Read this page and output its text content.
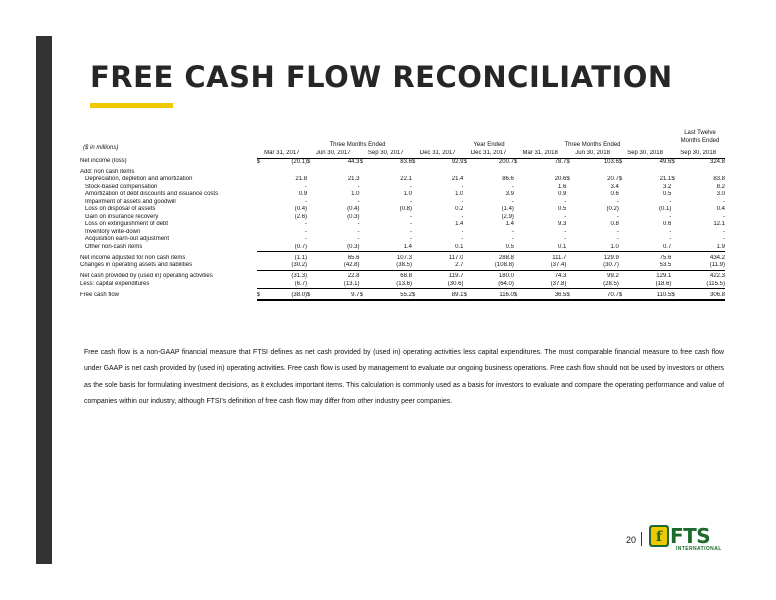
FREE CASH FLOW RECONCILIATION
($ in millions)
Last Twelve
Months Ended
Three Months Ended	Year Ended	Three Months Ended
	Mar 31, 2017		Jun 30, 2017		Sep 30, 2017		Dec 31, 2017		Dec 31, 2017		Mar 31, 2018		Jun 30, 2018		Sep 30, 2018		Sep 30, 2018	
Net income (loss)	$	(20.1)	$	44.3	$	83.6	$	92.9	$	200.7	$	78.7	$	103.6	$	49.6	$	324.8

Add: non cash items																		
Depreciation, depletion and amortization		21.8		21.3		22.1		21.4		86.6		20.6	$	20.7	$	21.1	$	83.8
Stock-based compensation		-		-		-		-		-		1.6		3.4		3.2		8.2
Amortization of debt discounts and issuance costs		0.9		1.0		1.0		1.0		3.9		0.9		0.6		0.5		3.0
Impairment of assets and goodwill		-		-		-		-		-		-		-		-		-
Loss on disposal of assets		(0.4)		(0.4)		(0.8)		0.2		(1.4)		0.5		(0.2)		(0.1)		0.4
Gain on insurance recovery		(2.6)		(0.3)		-		-		(2.9)		-		-		-		-
Loss on extinguishment of debt		-		-		-		1.4		1.4		9.3		0.8		0.6		12.1
Inventory write-down		-		-		-		-		-		-		-		-		-
Acquisition earn-out adjustment		-		-		-		-		-		-		-		-		-
Other non-cash items		(0.7)		(0.3)		1.4		0.1		0.5		0.1		1.0		0.7		1.9

Net income adjusted for non cash items		(1.1)		65.6		107.3		117.0		288.8		111.7		129.9		75.6		434.2
Changes in operating assets and liabilities		(30.2)		(42.8)		(38.5)		2.7		(108.8)		(37.4)		(30.7)		53.5		(11.9)

Net cash provided by (used in) operating activities		(31.3)		22.8		68.8		119.7		180.0		74.3		99.2		129.1		422.3
Less: capital expenditures		(6.7)		(13.1)		(13.6)		(30.6)		(64.0)		(37.8)		(28.5)		(18.6)		(115.5)

Free cash flow	$	(38.0)	$	9.7	$	55.2	$	89.1	$	116.0	$	36.5	$	70.7	$	110.5	$	306.8

Free cash flow is a non-GAAP financial measure that FTSI defines as net cash provided by (used in) operating activities less capital expenditures. The most comparable financial measure to free cash flow under GAAP is net cash provided by (used in) operating activities. Free cash flow is used by management to evaluate our ongoing business operations. Free cash flow should not be used by investors or others as the sole basis for formulating investment decisions, as it excludes important items. This calculation is commonly used as a basis for investors to evaluate and compare the operating performance and value of companies within our industry, although FTSI’s definition of free cash flow may differ from other industry peer companies.

20 f FTS
INTERNATIONAL
